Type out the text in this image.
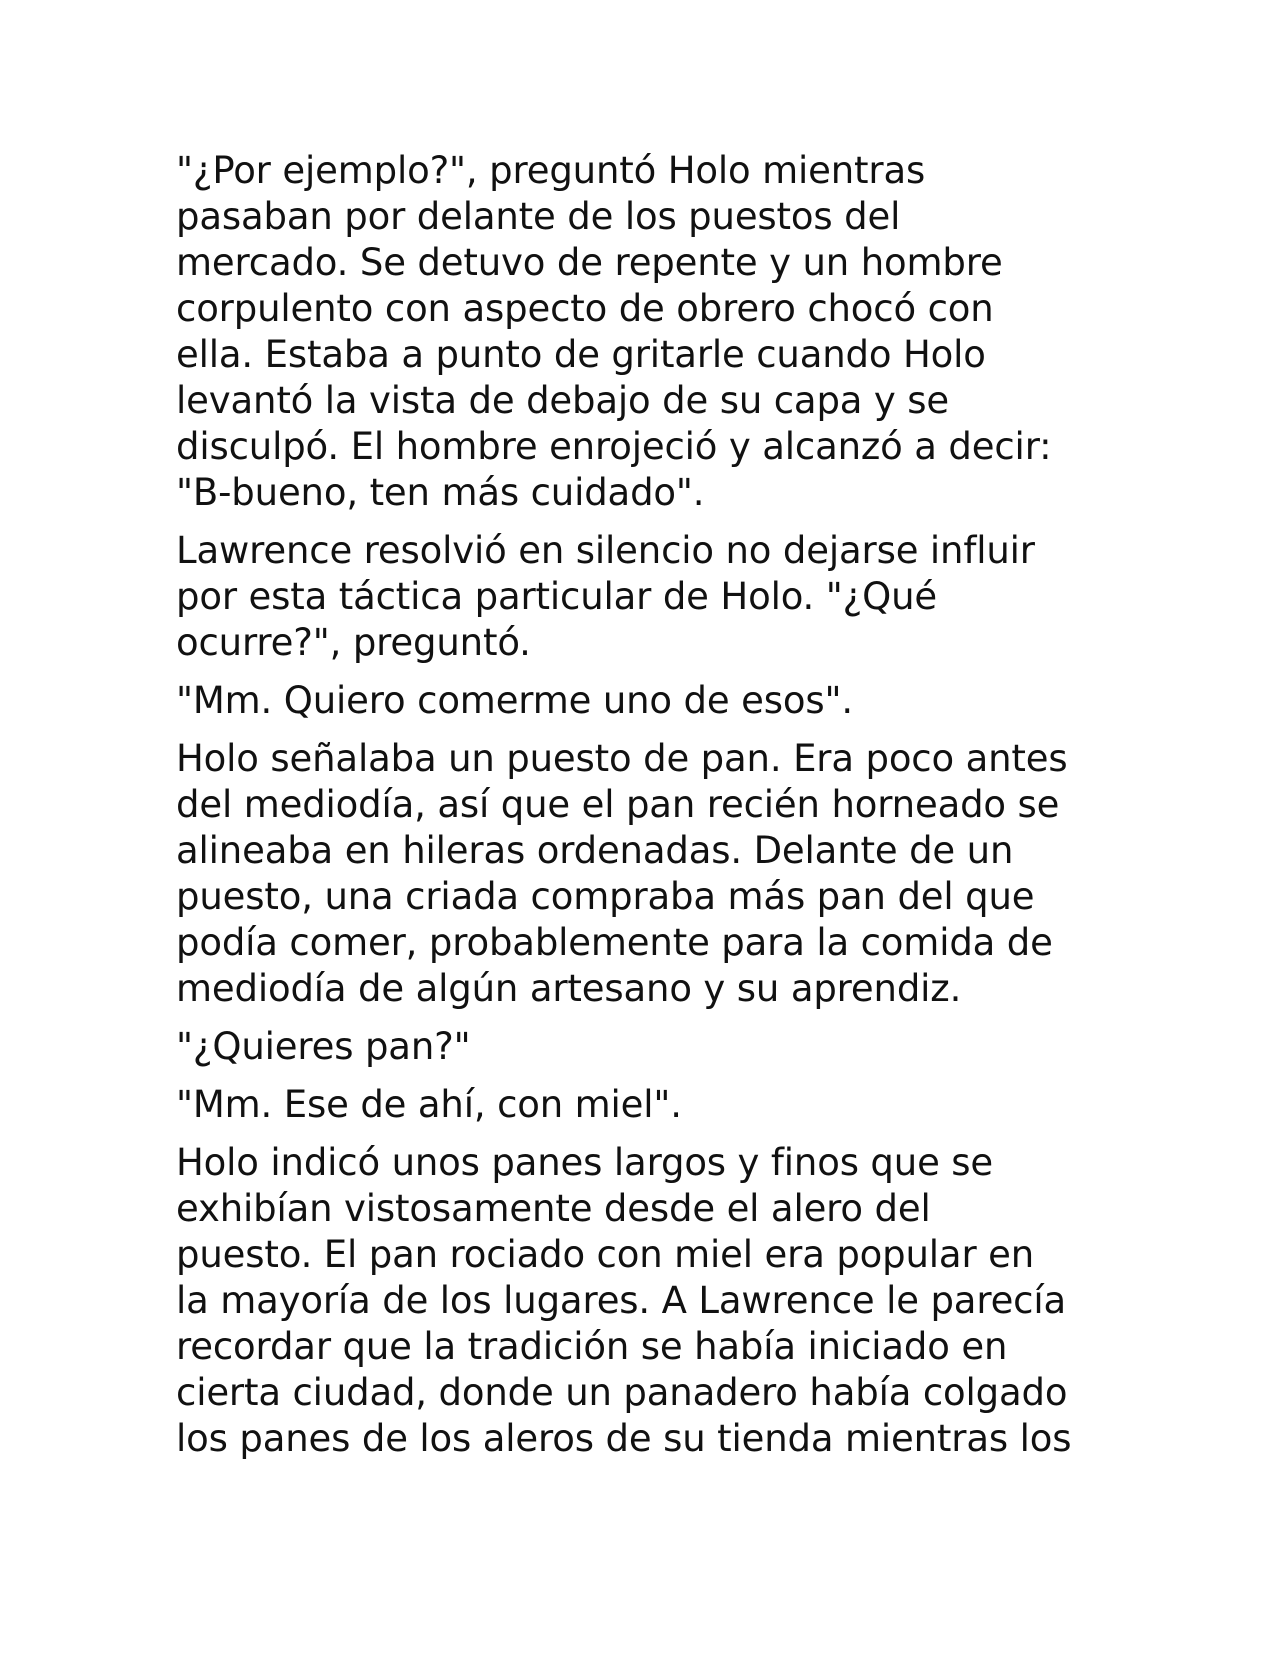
"¿Por ejemplo?", preguntó Holo mientras
pasaban por delante de los puestos del
mercado. Se detuvo de repente y un hombre
corpulento con aspecto de obrero chocó con
ella. Estaba a punto de gritarle cuando Holo
levantó la vista de debajo de su capa y se
disculpó. El hombre enrojeció y alcanzó a decir:
"B-bueno, ten más cuidado".

Lawrence resolvió en silencio no dejarse influir
por esta táctica particular de Holo. "¿Qué
ocurre?", preguntó.

"Mm. Quiero comerme uno de esos".

Holo señalaba un puesto de pan. Era poco antes
del mediodía, así que el pan recién horneado se
alineaba en hileras ordenadas. Delante de un
puesto, una criada compraba más pan del que
podía comer, probablemente para la comida de
mediodía de algún artesano y su aprendiz.

"¿Quieres pan?"

"Mm. Ese de ahí, con miel".

Holo indicó unos panes largos y finos que se
exhibían vistosamente desde el alero del
puesto. El pan rociado con miel era popular en
la mayoría de los lugares. A Lawrence le parecía
recordar que la tradición se había iniciado en
cierta ciudad, donde un panadero había colgado
los panes de los aleros de su tienda mientras los
